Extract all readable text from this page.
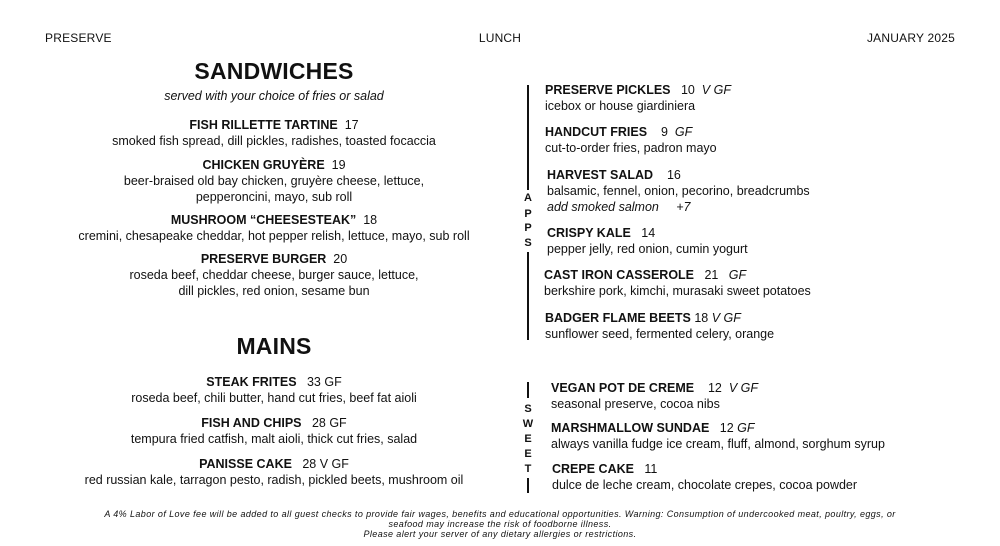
PRESERVE	LUNCH	JANUARY 2025
SANDWICHES
served with your choice of fries or salad
FISH RILLETTE TARTINE 17
smoked fish spread, dill pickles, radishes, toasted focaccia
CHICKEN GRUYÈRE 19
beer-braised old bay chicken, gruyère cheese, lettuce,
pepperoncini, mayo, sub roll
MUSHROOM “CHEESESTEAK” 18
cremini, chesapeake cheddar, hot pepper relish, lettuce, mayo, sub roll
PRESERVE BURGER 20
roseda beef, cheddar cheese, burger sauce, lettuce,
dill pickles, red onion, sesame bun
MAINS
STEAK FRITES 33 GF
roseda beef, chili butter, hand cut fries, beef fat aioli
FISH AND CHIPS 28 GF
tempura fried catfish, malt aioli, thick cut fries, salad
PANISSE CAKE 28 V GF
red russian kale, tarragon pesto, radish, pickled beets, mushroom oil
A
P
P
S
PRESERVE PICKLES 10 V GF
icebox or house giardiniera
HANDCUT FRIES 9 GF
cut-to-order fries, padron mayo
HARVEST SALAD 16
balsamic, fennel, onion, pecorino, breadcrumbs
add smoked salmon +7
CRISPY KALE 14
pepper jelly, red onion, cumin yogurt
CAST IRON CASSEROLE 21 GF
berkshire pork, kimchi, murasaki sweet potatoes
BADGER FLAME BEETS 18 V GF
sunflower seed, fermented celery, orange
S
W
E
E
T
VEGAN POT DE CREME 12 V GF
seasonal preserve, cocoa nibs
MARSHMALLOW SUNDAE 12 GF
always vanilla fudge ice cream, fluff, almond, sorghum syrup
CREPE CAKE 11
dulce de leche cream, chocolate crepes, cocoa powder
A 4% Labor of Love fee will be added to all guest checks to provide fair wages, benefits and educational opportunities. Warning: Consumption of undercooked meat, poultry, eggs, or
seafood may increase the risk of foodborne illness.
Please alert your server of any dietary allergies or restrictions.
